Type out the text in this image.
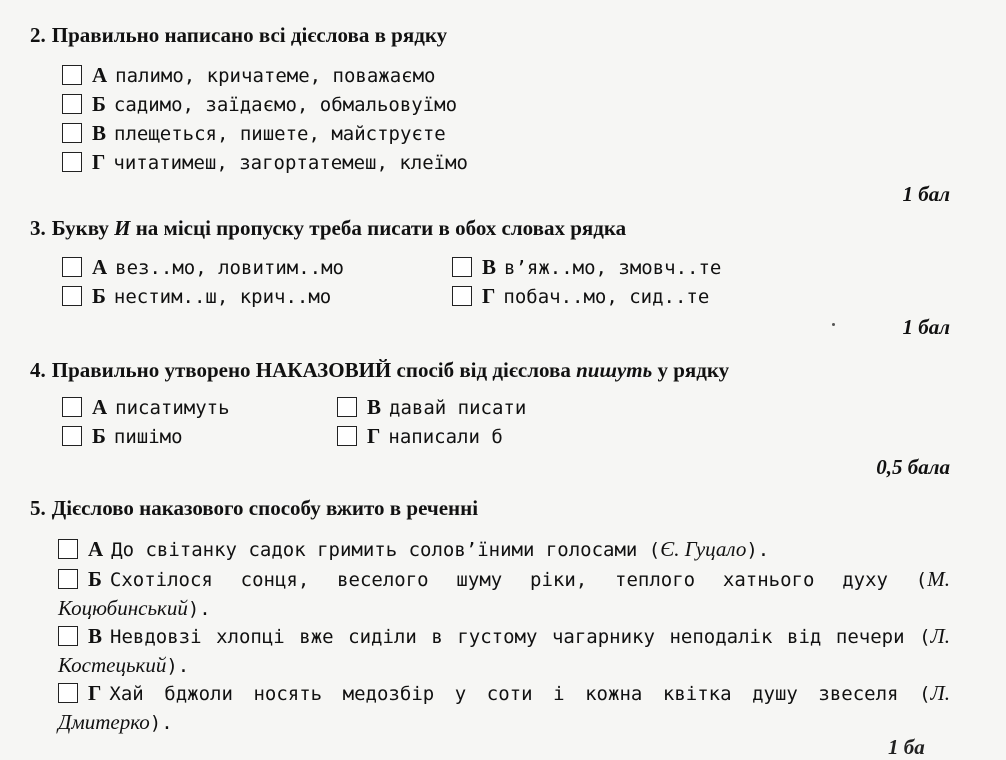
2. Правильно написано всі дієслова в рядку
А палимо, кричатеме, поважаємо
Б садимо, заїдаємо, обмальовуїмо
В плещеться, пишете, майструєте
Г читатимеш, загортатемеш, клеїмо
1 бал
3. Букву И на місці пропуску треба писати в обох словах рядка
А вез..мо, ловитим..мо
Б нестим..ш, крич..мо
В в’яж..мо, змовч..те
Г побач..мо, сид..те
1 бал
4. Правильно утворено НАКАЗОВИЙ спосіб від дієслова пишуть у рядку
А писатимуть
Б пишімо
В давай писати
Г написали б
0,5 бала
5. Дієслово наказового способу вжито в реченні
А До світанку садок гримить солов’їними голосами (Є. Гуцало).
Б Схотілося сонця, веселого шуму ріки, теплого хатнього духу (М. Коцюбинський).
В Невдовзі хлопці вже сиділи в густому чагарнику неподалік від печери (Л. Костецький).
Г Хай бджоли носять медозбір у соти і кожна квітка душу звеселя (Л. Дмитерко).
1 ба
